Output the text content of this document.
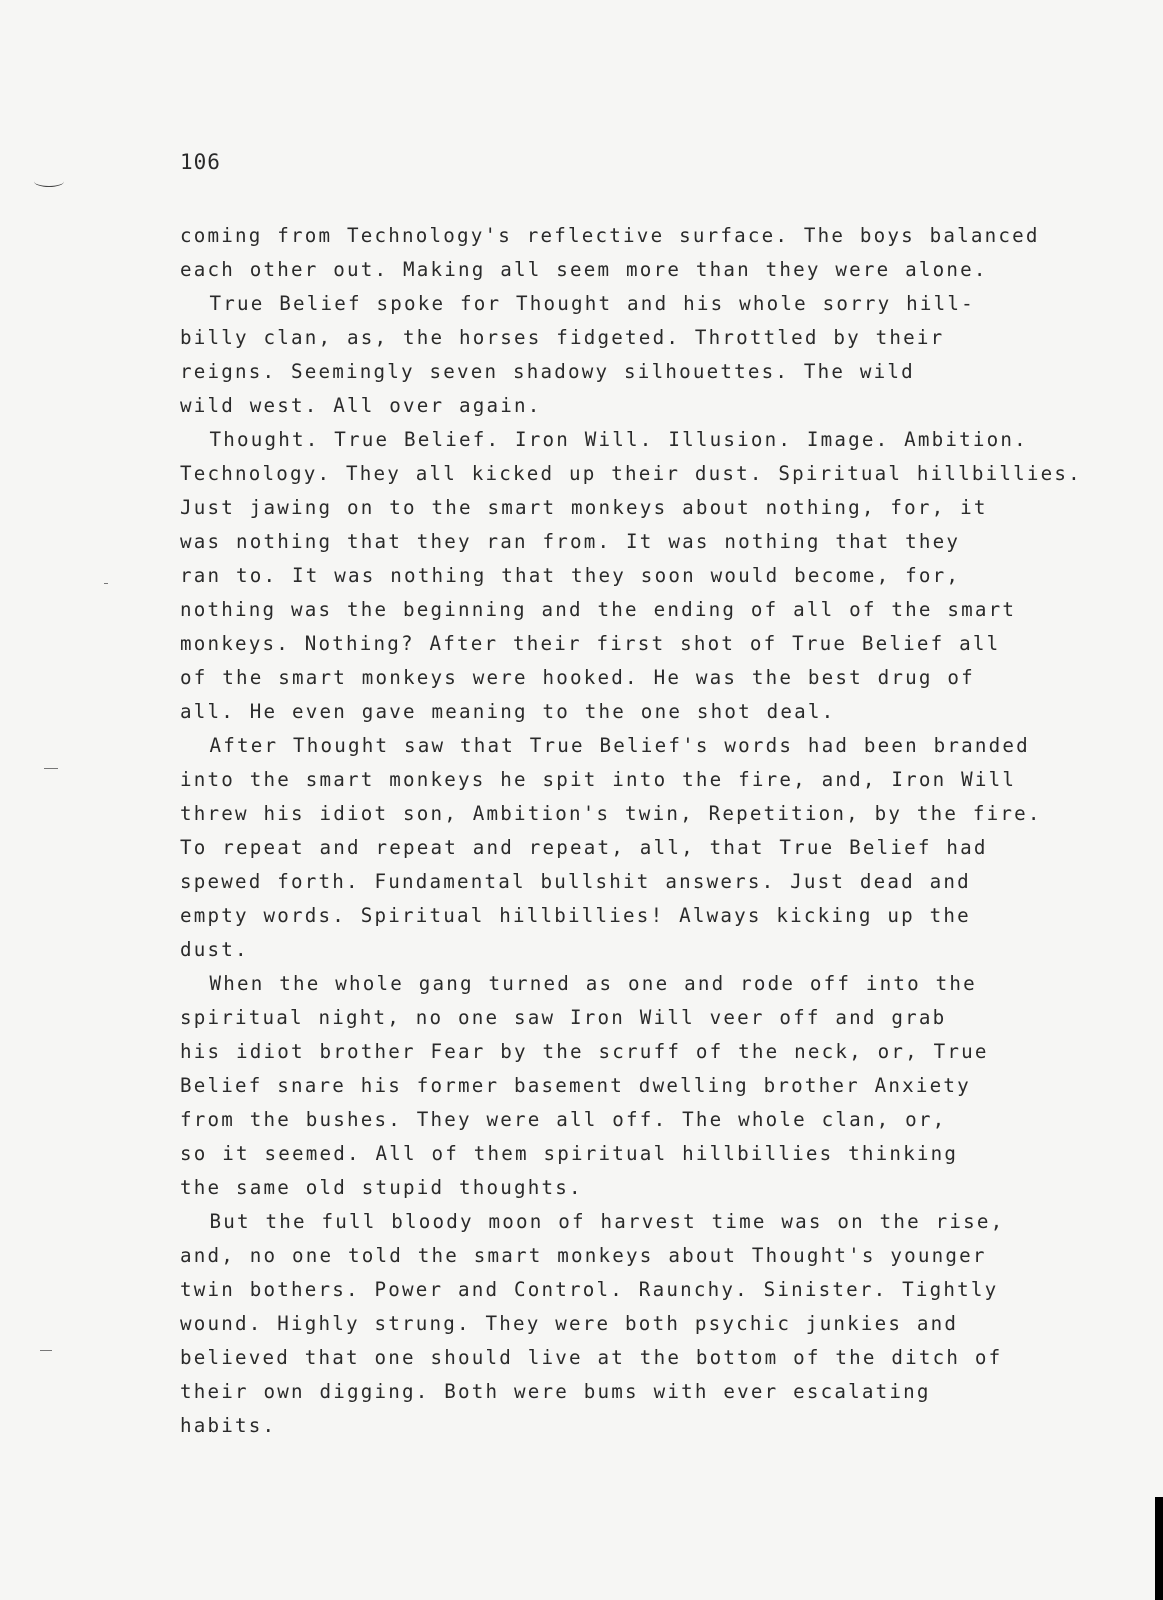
106
coming from Technology's reflective surface. The boys balanced
each other out. Making all seem more than they were alone.
True Belief spoke for Thought and his whole sorry hill-
billy clan, as, the horses fidgeted. Throttled by their
reigns. Seemingly seven shadowy silhouettes. The wild
wild west. All over again.
Thought. True Belief. Iron Will. Illusion. Image. Ambition.
Technology. They all kicked up their dust. Spiritual hillbillies.
Just jawing on to the smart monkeys about nothing, for, it
was nothing that they ran from. It was nothing that they
ran to. It was nothing that they soon would become, for,
nothing was the beginning and the ending of all of the smart
monkeys. Nothing? After their first shot of True Belief all
of the smart monkeys were hooked. He was the best drug of
all. He even gave meaning to the one shot deal.
After Thought saw that True Belief's words had been branded
into the smart monkeys he spit into the fire, and, Iron Will
threw his idiot son, Ambition's twin, Repetition, by the fire.
To repeat and repeat and repeat, all, that True Belief had
spewed forth. Fundamental bullshit answers. Just dead and
empty words. Spiritual hillbillies! Always kicking up the
dust.
When the whole gang turned as one and rode off into the
spiritual night, no one saw Iron Will veer off and grab
his idiot brother Fear by the scruff of the neck, or, True
Belief snare his former basement dwelling brother Anxiety
from the bushes. They were all off. The whole clan, or,
so it seemed. All of them spiritual hillbillies thinking
the same old stupid thoughts.
But the full bloody moon of harvest time was on the rise,
and, no one told the smart monkeys about Thought's younger
twin bothers. Power and Control. Raunchy. Sinister. Tightly
wound. Highly strung. They were both psychic junkies and
believed that one should live at the bottom of the ditch of
their own digging. Both were bums with ever escalating
habits.
